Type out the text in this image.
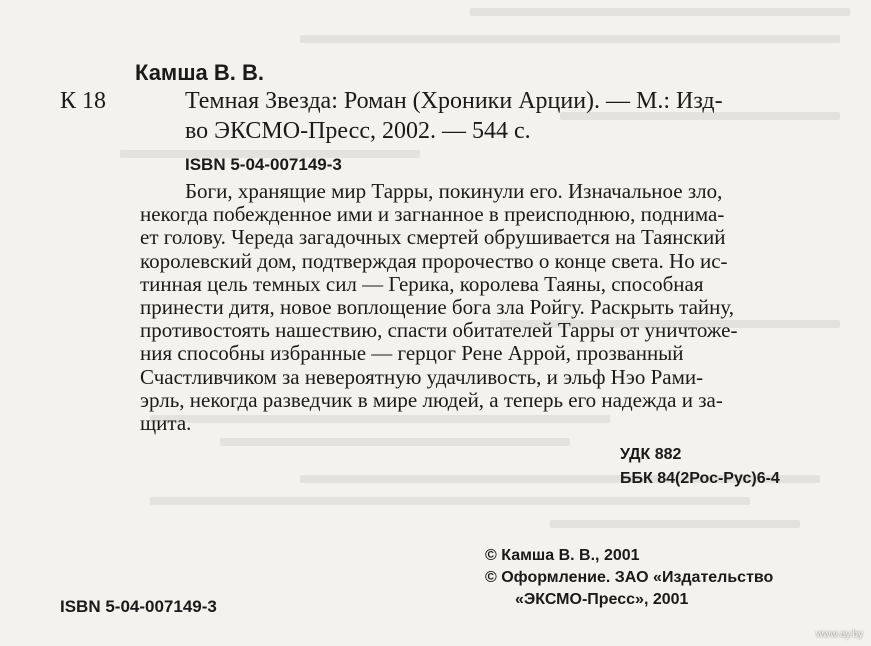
Камша В. В.
К 18	Темная Звезда: Роман (Хроники Арции). — М.: Изд-
во ЭКСМО-Пресс, 2002. — 544 с.
ISBN 5-04-007149-3
Боги, хранящие мир Тарры, покинули его. Изначальное зло,
некогда побежденное ими и загнанное в преисподнюю, поднима-
ет голову. Череда загадочных смертей обрушивается на Таянский
королевский дом, подтверждая пророчество о конце света. Но ис-
тинная цель темных сил — Герика, королева Таяны, способная
принести дитя, новое воплощение бога зла Ройгу. Раскрыть тайну,
противостоять нашествию, спасти обитателей Тарры от уничтоже-
ния способны избранные — герцог Рене Аррой, прозванный
Счастливчиком за невероятную удачливость, и эльф Нэо Рами-
эрль, некогда разведчик в мире людей, а теперь его надежда и за-
щита.
УДК 882
ББК 84(2Рос-Рус)6-4
© Камша В. В., 2001
© Оформление. ЗАО «Издательство
«ЭКСМО-Пресс», 2001
ISBN 5-04-007149-3
www.ay.by
